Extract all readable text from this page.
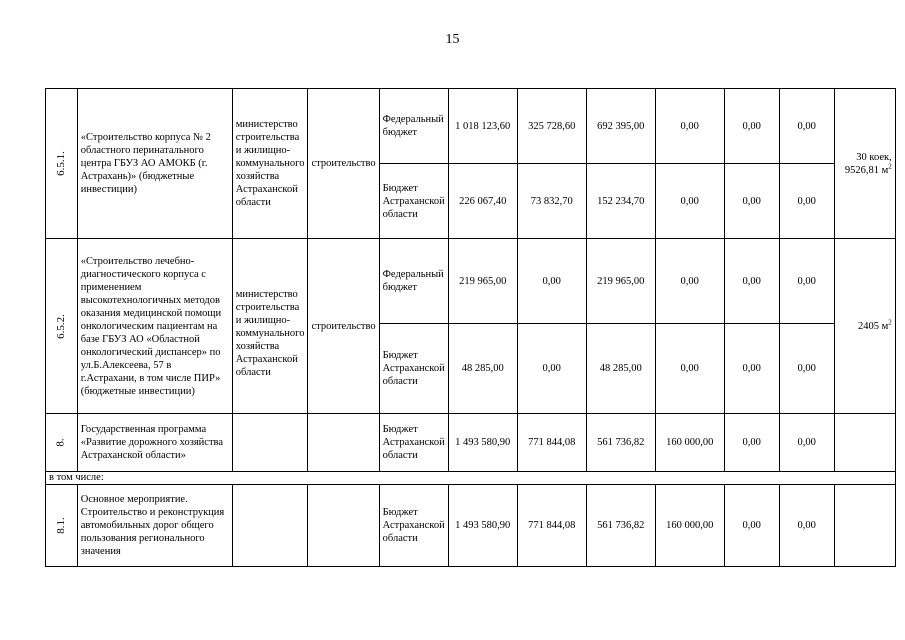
15
6.5.1.	«Строительство корпуса № 2 областного перинатального центра ГБУЗ АО АМОКБ (г. Астрахань)» (бюджетные инвестиции)	министерство строительства и жилищно-коммунального хозяйства Астраханской области	строительство	Федеральный бюджет	1 018 123,60	325 728,60	692 395,00	0,00	0,00	0,00	30 коек, 9526,81 $м^2$
				Бюджет Астраханской области	226 067,40	73 832,70	152 234,70	0,00	0,00	0,00	
6.5.2.	«Строительство лечебно-диагностического корпуса с применением высокотехнологичных методов оказания медицинской помощи онкологическим пациентам на базе ГБУЗ АО «Областной онкологический диспансер» по ул.Б.Алексеева, 57 в г.Астрахани, в том числе ПИР» (бюджетные инвестиции)	министерство строительства и жилищно-коммунального хозяйства Астраханской области	строительство	Федеральный бюджет	219 965,00	0,00	219 965,00	0,00	0,00	0,00	2405 $м^2$
				Бюджет Астраханской области	48 285,00	0,00	48 285,00	0,00	0,00	0,00	
8.	Государственная программа «Развитие дорожного хозяйства Астраханской области»			Бюджет Астраханской области	1 493 580,90	771 844,08	561 736,82	160 000,00	0,00	0,00	
в том числе:											
8.1.	Основное мероприятие. Строительство и реконструкция автомобильных дорог общего пользования регионального значения			Бюджет Астраханской области	1 493 580,90	771 844,08	561 736,82	160 000,00	0,00	0,00	
